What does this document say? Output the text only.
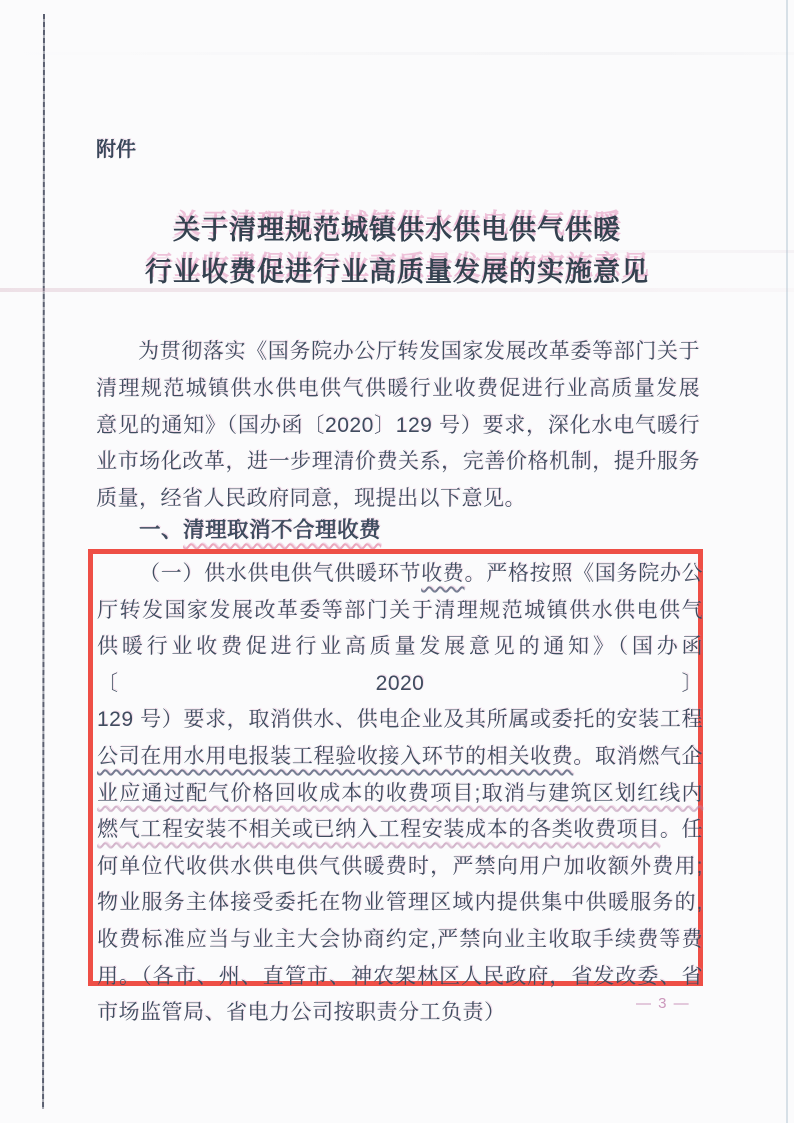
附件
关于清理规范城镇供水供电供气供暖
行业收费促进行业高质量发展的实施意见
为贯彻落实《国务院办公厅转发国家发展改革委等部门关于
清理规范城镇供水供电供气供暖行业收费促进行业高质量发展
意见的通知》（国办函〔2020〕129 号）要求，深化水电气暖行
业市场化改革，进一步理清价费关系，完善价格机制，提升服务
质量，经省人民政府同意，现提出以下意见。
一、清理取消不合理收费
（一）供水供电供气供暖环节收费。严格按照《国务院办公
厅转发国家发展改革委等部门关于清理规范城镇供水供电供气
供暖行业收费促进行业高质量发展意见的通知》（国办函〔2020〕
129 号）要求，取消供水、供电企业及其所属或委托的安装工程
公司在用水用电报装工程验收接入环节的相关收费。取消燃气企
业应通过配气价格回收成本的收费项目;取消与建筑区划红线内
燃气工程安装不相关或已纳入工程安装成本的各类收费项目。任
何单位代收供水供电供气供暖费时，严禁向用户加收额外费用;
物业服务主体接受委托在物业管理区域内提供集中供暖服务的,
收费标准应当与业主大会协商约定,严禁向业主收取手续费等费
用。（各市、州、直管市、神农架林区人民政府，省发改委、省
市场监管局、省电力公司按职责分工负责）	— 3 —
